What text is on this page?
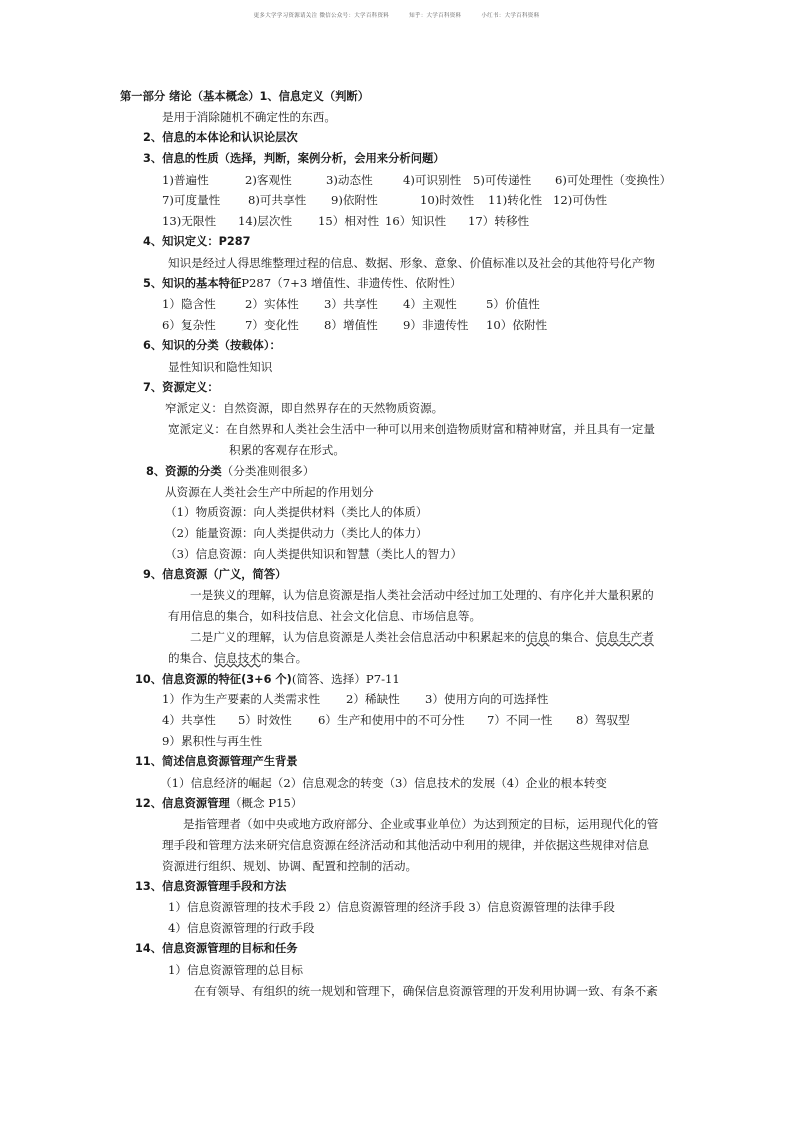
更多大学学习资源请关注 微信公众号：大学百科资料	知乎：大学百科资料	小红书：大学百科资料
第一部分 绪论（基本概念）1、信息定义（判断）
是用于消除随机不确定性的东西。
2、信息的本体论和认识论层次
3、信息的性质（选择，判断，案例分析，会用来分析问题）
1)普遍性	2)客观性	3)动态性	4)可识别性 5)可传递性 6)可处理性（变换性）
7)可度量性 8)可共享性 9)依附性	10)时效性 11)转化性 12)可伪性
13)无限性 14)层次性 15）相对性 16）知识性 17）转移性
4、知识定义：P287
知识是经过人得思维整理过程的信息、数据、形象、意象、价值标准以及社会的其他符号化产物
5、知识的基本特征P287（7+3 增值性、非遗传性、依附性）
1）隐含性	2）实体性 3）共享性 4）主观性	5）价值性
6）复杂性	7）变化性 8）增值性 9）非遗传性 10）依附性
6、知识的分类（按载体）：
显性知识和隐性知识
7、资源定义：
窄派定义：自然资源，即自然界存在的天然物质资源。
宽派定义：在自然界和人类社会生活中一种可以用来创造物质财富和精神财富，并且具有一定量
积累的客观存在形式。
8、资源的分类（分类准则很多）
从资源在人类社会生产中所起的作用划分
（1）物质资源：向人类提供材料（类比人的体质）
（2）能量资源：向人类提供动力（类比人的体力）
（3）信息资源：向人类提供知识和智慧（类比人的智力）
9、信息资源（广义，简答）
一是狭义的理解，认为信息资源是指人类社会活动中经过加工处理的、有序化并大量积累的
有用信息的集合，如科技信息、社会文化信息、市场信息等。
二是广义的理解，认为信息资源是人类社会信息活动中积累起来的信息的集合、信息生产者
的集合、信息技术的集合。
10、信息资源的特征(3+6 个)(简答、选择）P7-11
1）作为生产要素的人类需求性 2）稀缺性 3）使用方向的可选择性
4）共享性 5）时效性 6）生产和使用中的不可分性 7）不同一性 8）驾驭型
9）累积性与再生性
11、简述信息资源管理产生背景
（1）信息经济的崛起（2）信息观念的转变（3）信息技术的发展（4）企业的根本转变
12、信息资源管理（概念 P15）
是指管理者（如中央或地方政府部分、企业或事业单位）为达到预定的目标，运用现代化的管
理手段和管理方法来研究信息资源在经济活动和其他活动中利用的规律，并依据这些规律对信息
资源进行组织、规划、协调、配置和控制的活动。
13、信息资源管理手段和方法
1）信息资源管理的技术手段 2）信息资源管理的经济手段 3）信息资源管理的法律手段
4）信息资源管理的行政手段
14、信息资源管理的目标和任务
1）信息资源管理的总目标
在有领导、有组织的统一规划和管理下，确保信息资源管理的开发利用协调一致、有条不紊
